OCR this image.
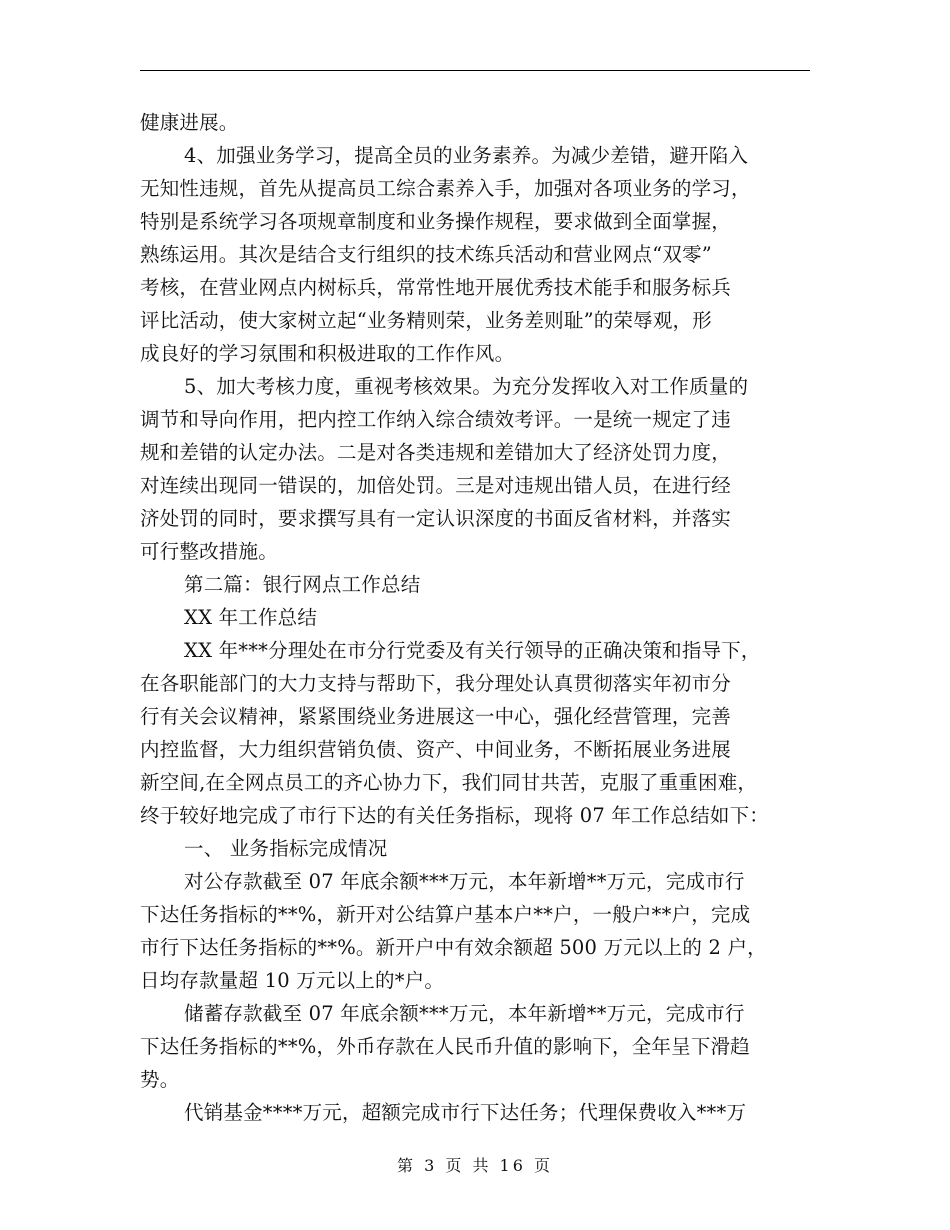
健康进展。
4、加强业务学习，提高全员的业务素养。为减少差错，避开陷入
无知性违规，首先从提高员工综合素养入手，加强对各项业务的学习，
特别是系统学习各项规章制度和业务操作规程，要求做到全面掌握，
熟练运用。其次是结合支行组织的技术练兵活动和营业网点“双零”
考核，在营业网点内树标兵，常常性地开展优秀技术能手和服务标兵
评比活动，使大家树立起“业务精则荣，业务差则耻”的荣辱观，形
成良好的学习氛围和积极进取的工作作风。
5、加大考核力度，重视考核效果。为充分发挥收入对工作质量的
调节和导向作用，把内控工作纳入综合绩效考评。一是统一规定了违
规和差错的认定办法。二是对各类违规和差错加大了经济处罚力度，
对连续出现同一错误的，加倍处罚。三是对违规出错人员，在进行经
济处罚的同时，要求撰写具有一定认识深度的书面反省材料，并落实
可行整改措施。
第二篇：银行网点工作总结
XX 年工作总结
XX 年***分理处在市分行党委及有关行领导的正确决策和指导下，
在各职能部门的大力支持与帮助下，我分理处认真贯彻落实年初市分
行有关会议精神，紧紧围绕业务进展这一中心，强化经营管理，完善
内控监督，大力组织营销负债、资产、中间业务，不断拓展业务进展
新空间,在全网点员工的齐心协力下，我们同甘共苦，克服了重重困难，
终于较好地完成了市行下达的有关任务指标，现将 07 年工作总结如下：
一、 业务指标完成情况
对公存款截至 07 年底余额***万元，本年新增**万元，完成市行
下达任务指标的**%，新开对公结算户基本户**户，一般户**户，完成
市行下达任务指标的**%。新开户中有效余额超 500 万元以上的 2 户，
日均存款量超 10 万元以上的*户。
储蓄存款截至 07 年底余额***万元，本年新增**万元，完成市行
下达任务指标的**%，外币存款在人民币升值的影响下，全年呈下滑趋
势。
代销基金****万元，超额完成市行下达任务；代理保费收入***万
第 3 页 共 16 页
